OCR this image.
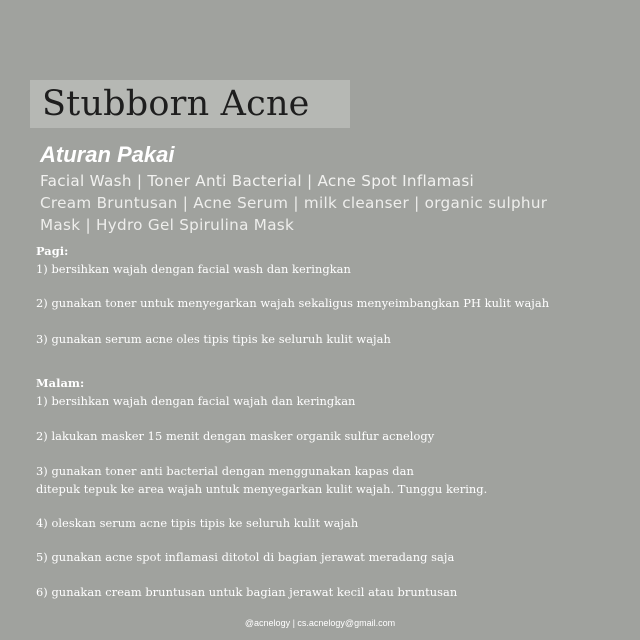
Stubborn Acne
Aturan Pakai
Facial Wash | Toner Anti Bacterial | Acne Spot Inflamasi
Cream Bruntusan | Acne Serum | milk cleanser | organic sulphur
Mask | Hydro Gel Spirulina Mask
Pagi:
1) bersihkan wajah dengan facial wash dan keringkan
2) gunakan toner untuk menyegarkan wajah sekaligus menyeimbangkan PH kulit wajah
3) gunakan serum acne oles tipis tipis ke seluruh kulit wajah
Malam:
1) bersihkan wajah dengan facial wajah dan keringkan
2) lakukan masker 15 menit dengan masker organik sulfur acnelogy
3) gunakan toner anti bacterial dengan menggunakan kapas dan
ditepuk tepuk ke area wajah untuk menyegarkan kulit wajah. Tunggu kering.
4) oleskan serum acne tipis tipis ke seluruh kulit wajah
5) gunakan acne spot inflamasi ditotol di bagian jerawat meradang saja
6) gunakan cream bruntusan untuk bagian jerawat kecil atau bruntusan
@acnelogy | cs.acnelogy@gmail.com
